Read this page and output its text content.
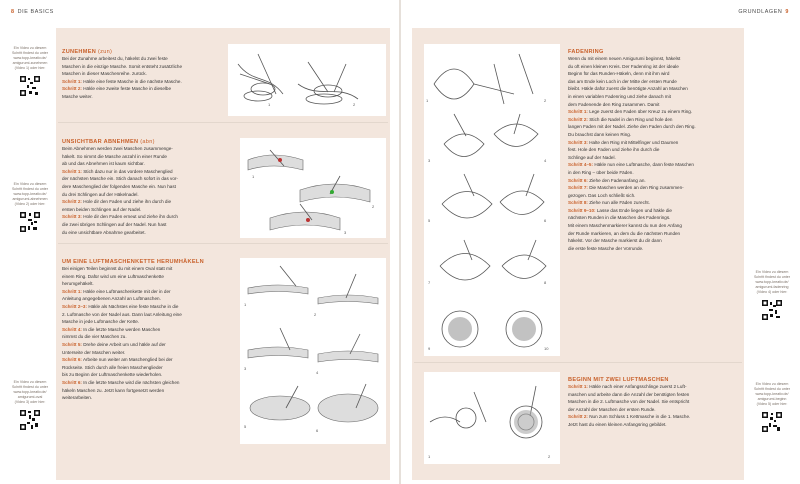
8 DIE BASICS	GRUNDLAGEN 9
ZUNEHMEN (zun)

Bei der Zunahme arbeitest du, häkelst du zwei feste

Maschen in die einzige Masche. Somit entsteht zusätzliche

Maschen in dieser Maschenreihe. zurück.

Schritt 1: Häkle eine feste Masche in die nächste Masche.

Schritt 2: Häkle eine zweite feste Masche in dieselbe

Masche weiter.

1	2
UNSICHTBAR ABNEHMEN (abn)

Beim Abnehmen werden zwei Maschen zusammenge-

häkelt. So nimmt die Masche anzahl in einer Runde

ab und das Abnehmen ist kaum sichtbar.

Schritt 1: Stich dazu nur in das vordere Maschenglied

der nächsten Masche ein. Stich danach sofort in das vor-

dere Maschenglied der folgenden Masche ein. Nun hast

du drei Schlingen auf der Häkelnadel.

Schritt 2: Hole dir den Faden und ziehe ihn durch die

ersten beiden Schlingen auf der Nadel.

Schritt 3: Hole dir den Faden erneut und ziehe ihn durch

die zwei übrigen Schlingen auf der Nadel. Nun hast

du eine unsichtbare Abnahme gearbeitet.

1
2
3
UM EINE LUFTMASCHENKETTE HERUMHÄKELN

Bei einigen Teilen beginnst du mit einem Oval statt mit

einem Ring. Dafür wird um eine Luftmaschenkette

herumgehäkelt.

Schritt 1: Häkle eine Luftmaschenkette mit der in der

Anleitung angegebenen Anzahl an Luftmaschen.

Schritt 2–3: Häkle als Nächstes eine feste Masche in die

2. Luftmasche von der Nadel aus. Dann laut Anleitung eine

Masche in jede Luftmasche der Kette.

Schritt 4: In die letzte Masche werden Maschen

nimmst du die vier Maschen zu.

Schritt 5: Drehe deine Arbeit um und häkle auf der

Unterseite der Maschen weiter.

Schritt 6: Arbeite nun weiter am Maschenglied bei der

Rückseite. Stich durch alle freien Maschenglieder

bis zu Beginn der Luftmaschenkette wiederholen.

Schritt 6: In die letzte Masche wird die nächsten gleichen

häkeln Maschen zu. Jetzt kann fortgesetzt werden

weiterarbeiten.

1
2
3
4
5
6
Ein Video zu diesem
Schritt findest du unter
www.topp-kreativ.de/
amigurumi-zunehmen
(Video 1) oder hier:
Ein Video zu diesem
Schritt findest du unter
www.topp-kreativ.de/
amigurumi-abnehmen
(Video 2) oder hier:
Ein Video zu diesem
Schritt findest du unter
www.topp-kreativ.de/
amigurumi-oval
(Video 3) oder hier:
1	2
3	4
5	6
7	8
9	10
FADENRING

Wenn du mit einem neuen Amigurumi beginnst, häkelst

du oft einen kleinen Kreis. Der Fadenring ist der ideale

Beginn für das Runden-Häkeln, denn mit ihm wird

das am Ende kein Loch in der Mitte der ersten Runde

bleibt. Häkle dafür zuerst die benötigte Anzahl an Maschen

in einen variablen Fadenring und ziehe danach mit

dem Fadenende den Ring zusammen. Damit

Schritt 1: Lege zuerst den Faden über Kreuz zu einem Ring.

Schritt 2: Stich die Nadel in den Ring und hole den

langen Faden mit der Nadel. Ziehe den Faden durch den Ring.

Du brauchst dann keinen Ring.

Schritt 3: Halte den Ring mit Mittelfinger und Daumen

fest. Hole den Faden und ziehe ihn durch die

Schlinge auf der Nadel.

Schritt 4–5: Häkle nun eine Luftmasche, dann feste Maschen

in den Ring – über beide Fäden.

Schritt 6: Ziehe den Fadenanfang an.

Schritt 7: Die Maschen werden an den Ring zusammen-

gezogen. Das Loch schließt sich.

Schritt 8: Ziehe nun alle Fäden zurecht.

Schritt 9–10: Lasse das Ende liegen und häkle die

nächsten Runden in die Maschen des Fadenrings.

Mit einem Maschenmarkierer kannst du nun den Anfang

der Runde markieren, an dem du die nächsten Runden

häkelst. Vor der Masche markierst du dir dann

die erste feste Masche der Vorrunde.

1	2
BEGINN MIT ZWEI LUFTMASCHEN

Schritt 1: Häkle nach einer Anfangsschlinge zuerst 2 Luft-

maschen und arbeite dann die Anzahl der benötigten festen

Maschen in die 2. Luftmasche von der Nadel. Sie entspricht

der Anzahl der Maschen der ersten Runde.

Schritt 2: Nun zum Schluss 1 Kettmasche in die 1. Masche.

Jetzt hast du einen kleinen Anfangsring gebildet.

Ein Video zu diesem
Schritt findest du unter
www.topp-kreativ.de/
amigurumi-fadenring
(Video 4) oder hier:
Ein Video zu diesem
Schritt findest du unter
www.topp-kreativ.de/
amigurumi-beginn
(Video 5) oder hier:
